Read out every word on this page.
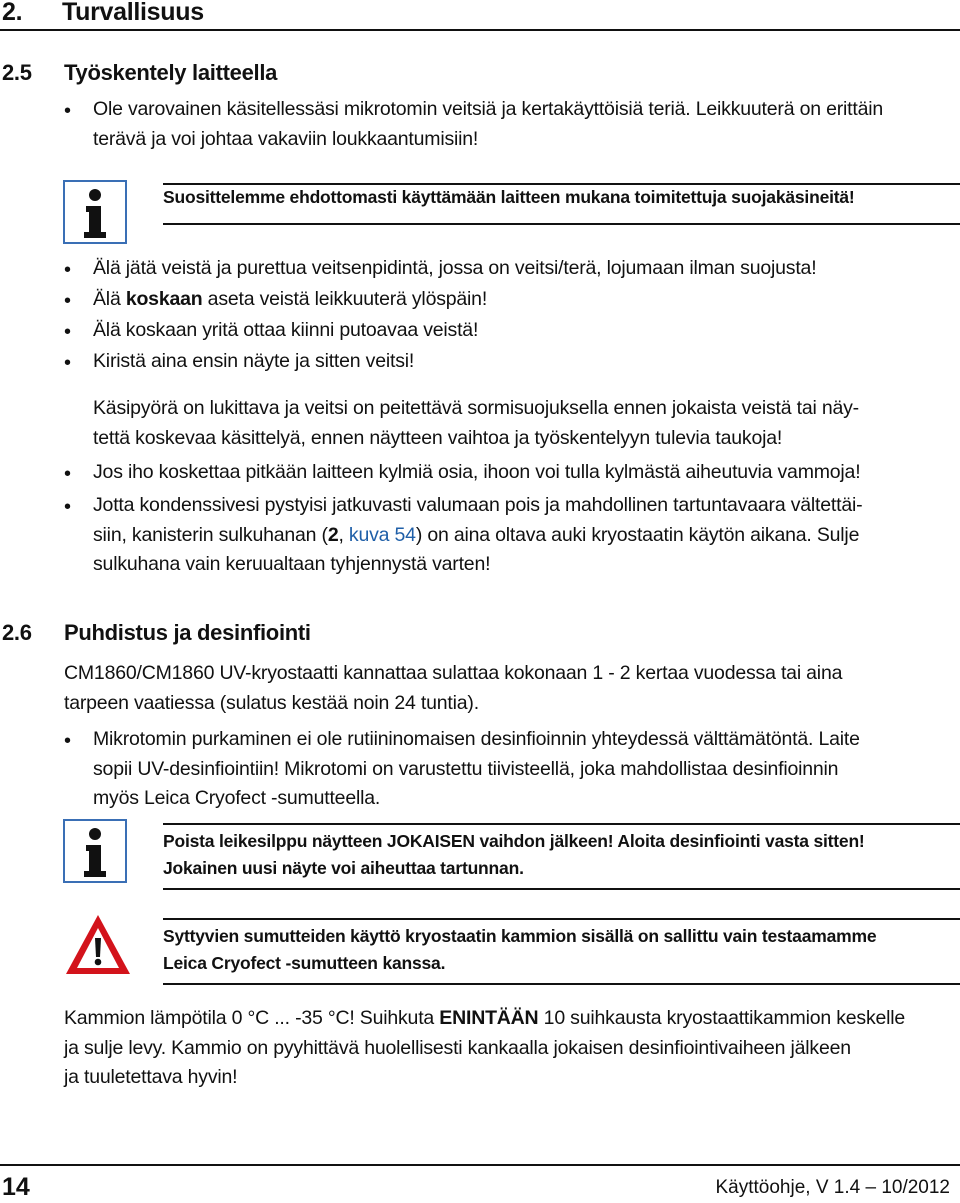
2. Turvallisuus
2.5 Työskentely laitteella
• Ole varovainen käsitellessäsi mikrotomin veitsiä ja kertakäyttöisiä teriä. Leikkuuterä on erittäin
terävä ja voi johtaa vakaviin loukkaantumisiin!
Suosittelemme ehdottomasti käyttämään laitteen mukana toimitettuja suojakäsineitä!
• Älä jätä veistä ja purettua veitsenpidintä, jossa on veitsi/terä, lojumaan ilman suojusta!
• Älä koskaan aseta veistä leikkuuterä ylöspäin!
• Älä koskaan yritä ottaa kiinni putoavaa veistä!
• Kiristä aina ensin näyte ja sitten veitsi!
Käsipyörä on lukittava ja veitsi on peitettävä sormisuojuksella ennen jokaista veistä tai näy-
tettä koskevaa käsittelyä, ennen näytteen vaihtoa ja työskentelyyn tulevia taukoja!
• Jos iho koskettaa pitkään laitteen kylmiä osia, ihoon voi tulla kylmästä aiheutuvia vammoja!
• Jotta kondenssivesi pystyisi jatkuvasti valumaan pois ja mahdollinen tartuntavaara vältettäi-
siin, kanisterin sulkuhanan (2, kuva 54) on aina oltava auki kryostaatin käytön aikana. Sulje
sulkuhana vain keruualtaan tyhjennystä varten!
2.6 Puhdistus ja desinfiointi
CM1860/CM1860 UV-kryostaatti kannattaa sulattaa kokonaan 1 - 2 kertaa vuodessa tai aina
tarpeen vaatiessa (sulatus kestää noin 24 tuntia).
• Mikrotomin purkaminen ei ole rutiininomaisen desinfioinnin yhteydessä välttämätöntä. Laite
sopii UV-desinfiointiin! Mikrotomi on varustettu tiivisteellä, joka mahdollistaa desinfioinnin
myös Leica Cryofect -sumutteella.
Poista leikesilppu näytteen JOKAISEN vaihdon jälkeen! Aloita desinfiointi vasta sitten!
Jokainen uusi näyte voi aiheuttaa tartunnan.
Syttyvien sumutteiden käyttö kryostaatin kammion sisällä on sallittu vain testaamamme
Leica Cryofect -sumutteen kanssa.
Kammion lämpötila 0 °C ... -35 °C! Suihkuta ENINTÄÄN 10 suihkausta kryostaattikammion keskelle
ja sulje levy. Kammio on pyyhittävä huolellisesti kankaalla jokaisen desinfiointivaiheen jälkeen
ja tuuletettava hyvin!
14	Käyttöohje, V 1.4 – 10/2012
